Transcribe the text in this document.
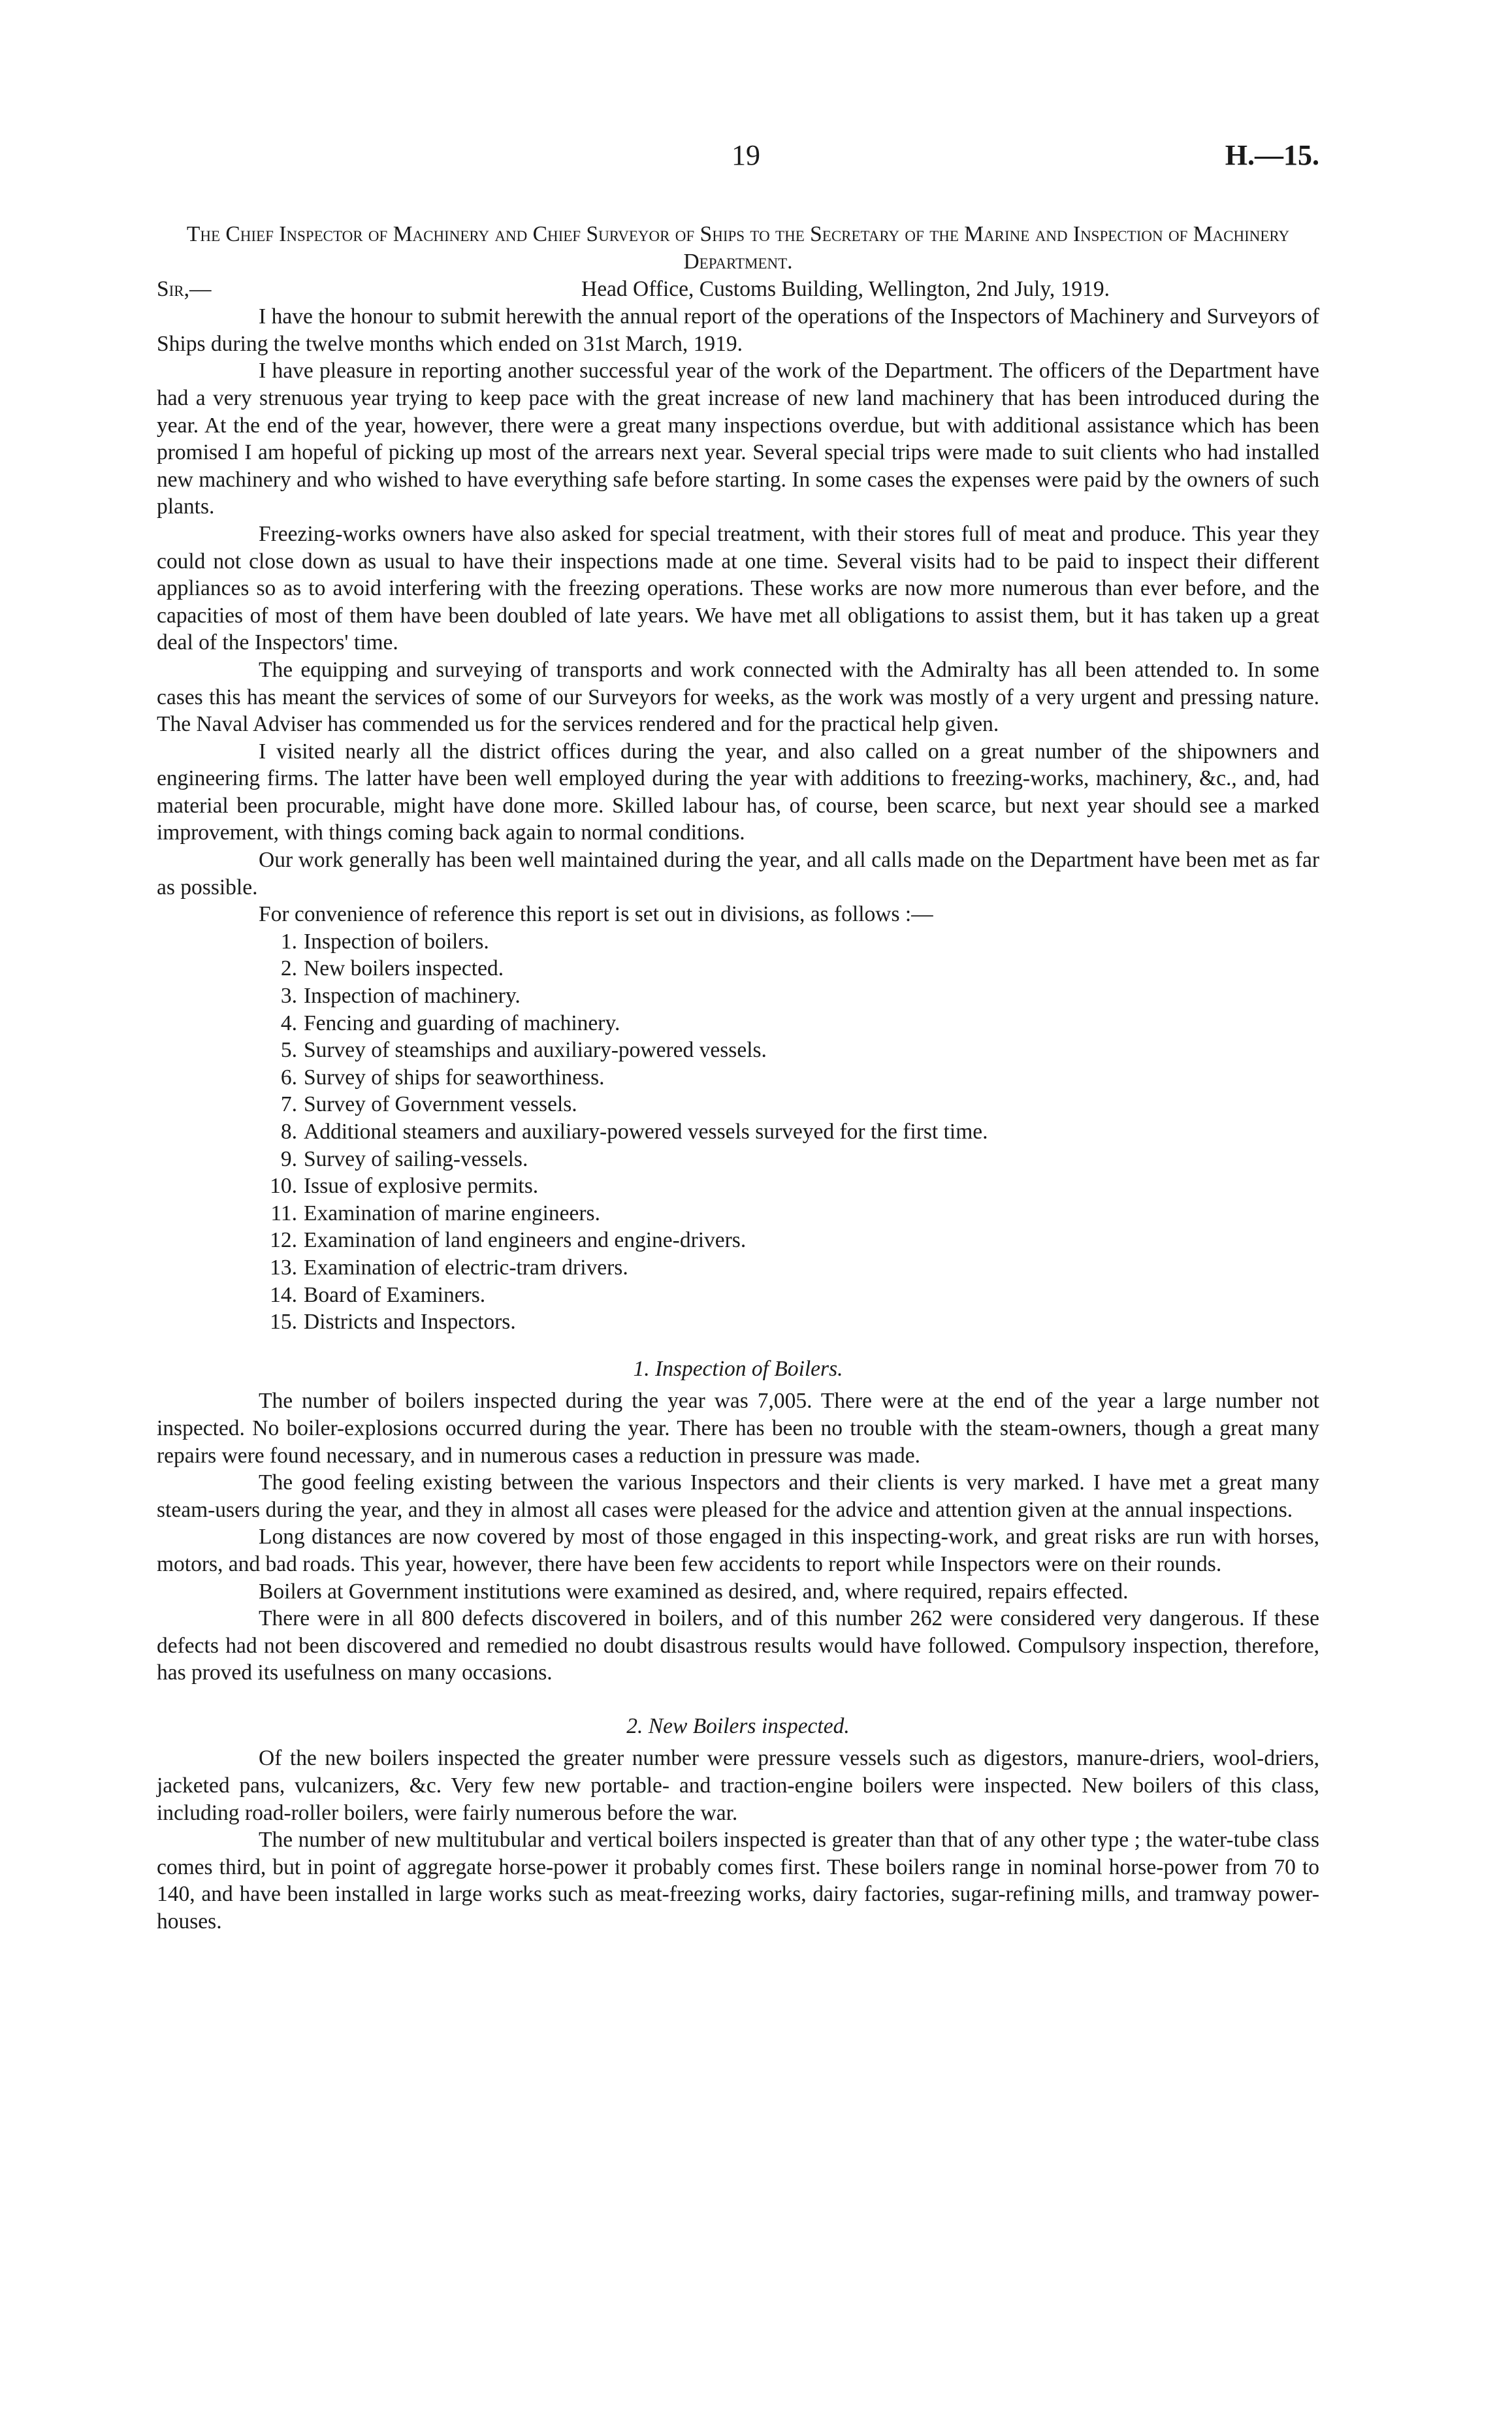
19	H.—15.
The Chief Inspector of Machinery and Chief Surveyor of Ships to the Secretary of the Marine and Inspection of Machinery Department.
Sir,—	Head Office, Customs Building, Wellington, 2nd July, 1919.

I have the honour to submit herewith the annual report of the operations of the Inspectors of Machinery and Surveyors of Ships during the twelve months which ended on 31st March, 1919.

I have pleasure in reporting another successful year of the work of the Department. The officers of the Department have had a very strenuous year trying to keep pace with the great increase of new land machinery that has been introduced during the year. At the end of the year, however, there were a great many inspections overdue, but with additional assistance which has been promised I am hopeful of picking up most of the arrears next year. Several special trips were made to suit clients who had installed new machinery and who wished to have everything safe before starting. In some cases the expenses were paid by the owners of such plants.

Freezing-works owners have also asked for special treatment, with their stores full of meat and produce. This year they could not close down as usual to have their inspections made at one time. Several visits had to be paid to inspect their different appliances so as to avoid interfering with the freezing operations. These works are now more numerous than ever before, and the capacities of most of them have been doubled of late years. We have met all obligations to assist them, but it has taken up a great deal of the Inspectors' time.

The equipping and surveying of transports and work connected with the Admiralty has all been attended to. In some cases this has meant the services of some of our Surveyors for weeks, as the work was mostly of a very urgent and pressing nature. The Naval Adviser has commended us for the services rendered and for the practical help given.

I visited nearly all the district offices during the year, and also called on a great number of the shipowners and engineering firms. The latter have been well employed during the year with additions to freezing-works, machinery, &c., and, had material been procurable, might have done more. Skilled labour has, of course, been scarce, but next year should see a marked improvement, with things coming back again to normal conditions.

Our work generally has been well maintained during the year, and all calls made on the Department have been met as far as possible.

For convenience of reference this report is set out in divisions, as follows :—

1. Inspection of boilers.
2. New boilers inspected.
3. Inspection of machinery.
4. Fencing and guarding of machinery.
5. Survey of steamships and auxiliary-powered vessels.
6. Survey of ships for seaworthiness.
7. Survey of Government vessels.
8. Additional steamers and auxiliary-powered vessels surveyed for the first time.
9. Survey of sailing-vessels.
10. Issue of explosive permits.
11. Examination of marine engineers.
12. Examination of land engineers and engine-drivers.
13. Examination of electric-tram drivers.
14. Board of Examiners.
15. Districts and Inspectors.
1. Inspection of Boilers.

The number of boilers inspected during the year was 7,005. There were at the end of the year a large number not inspected. No boiler-explosions occurred during the year. There has been no trouble with the steam-owners, though a great many repairs were found necessary, and in numerous cases a reduction in pressure was made.

The good feeling existing between the various Inspectors and their clients is very marked. I have met a great many steam-users during the year, and they in almost all cases were pleased for the advice and attention given at the annual inspections.

Long distances are now covered by most of those engaged in this inspecting-work, and great risks are run with horses, motors, and bad roads. This year, however, there have been few accidents to report while Inspectors were on their rounds.

Boilers at Government institutions were examined as desired, and, where required, repairs effected.

There were in all 800 defects discovered in boilers, and of this number 262 were considered very dangerous. If these defects had not been discovered and remedied no doubt disastrous results would have followed. Compulsory inspection, therefore, has proved its usefulness on many occasions.

2. New Boilers inspected.

Of the new boilers inspected the greater number were pressure vessels such as digestors, manure-driers, wool-driers, jacketed pans, vulcanizers, &c. Very few new portable- and traction-engine boilers were inspected. New boilers of this class, including road-roller boilers, were fairly numerous before the war.

The number of new multitubular and vertical boilers inspected is greater than that of any other type ; the water-tube class comes third, but in point of aggregate horse-power it probably comes first. These boilers range in nominal horse-power from 70 to 140, and have been installed in large works such as meat-freezing works, dairy factories, sugar-refining mills, and tramway power-houses.
